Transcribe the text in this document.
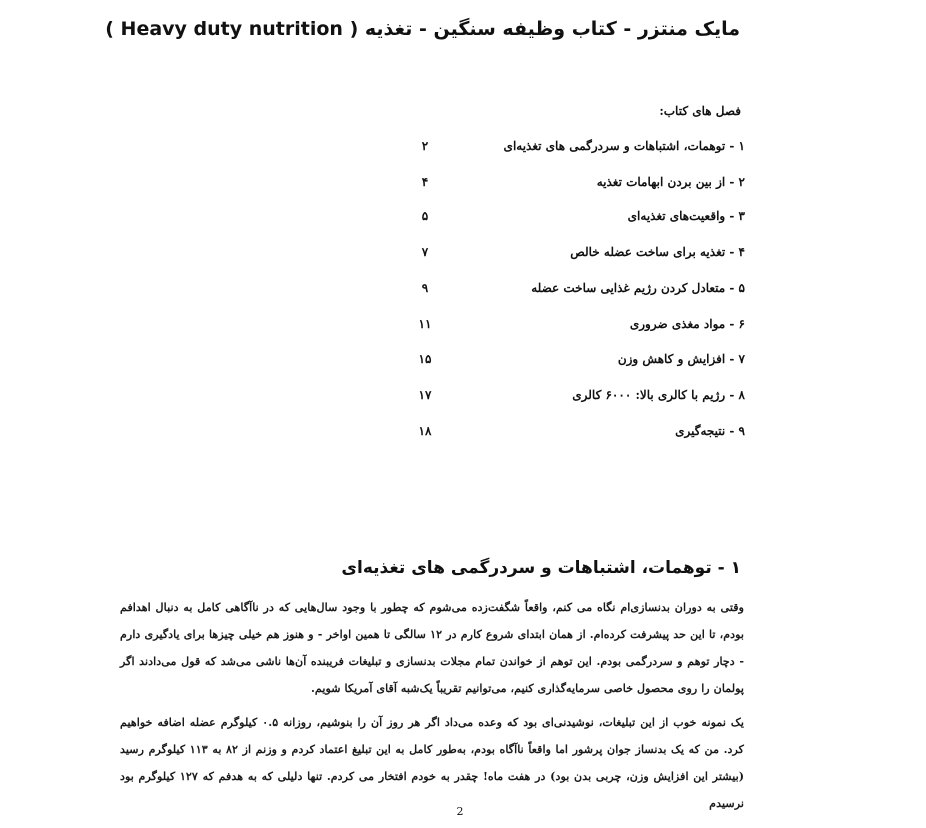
مایک منتزر - کتاب وظیفه سنگین - تغذیه ( Heavy duty nutrition )
فصل های کتاب:
۱ - توهمات، اشتباهات و سردرگمی های تغذیه‌ای
۲
۲ - از بین بردن ابهامات تغذیه
۴
۳ - واقعیت‌های تغذیه‌ای
۵
۴ - تغذیه برای ساخت عضله خالص
۷
۵ - متعادل کردن رژیم غذایی ساخت عضله
۹
۶ - مواد مغذی ضروری
۱۱
۷ - افزایش و کاهش وزن
۱۵
۸ - رژیم با کالری بالا: ۶۰۰۰ کالری
۱۷
۹ - نتیجه‌گیری
۱۸
۱ - توهمات، اشتباهات و سردرگمی های تغذیه‌ای
وقتی به دوران بدنسازی‌ام نگاه می کنم، واقعاً شگفت‌زده می‌شوم که چطور با وجود سال‌هایی که در ناآگاهی کامل به دنبال اهدافم بودم، تا این حد پیشرفت کرده‌ام. از همان ابتدای شروع کارم در ۱۲ سالگی تا همین اواخر - و هنوز هم خیلی چیزها برای یادگیری دارم - دچار توهم و سردرگمی بودم. این توهم از خواندن تمام مجلات بدنسازی و تبلیغات فریبنده آن‌ها ناشی می‌شد که قول می‌دادند اگر پولمان را روی محصول خاصی سرمایه‌گذاری کنیم، می‌توانیم تقریباً یک‌شبه آقای آمریکا شویم.
یک نمونه خوب از این تبلیغات، نوشیدنی‌ای بود که وعده می‌داد اگر هر روز آن را بنوشیم، روزانه ۰.۵ کیلوگرم عضله اضافه خواهیم کرد. من که یک بدنساز جوان پرشور اما واقعاً ناآگاه بودم، به‌طور کامل به این تبلیغ اعتماد کردم و وزنم از ۸۲ به ۱۱۳ کیلوگرم رسید (بیشتر این افزایش وزن، چربی بدن بود) در هفت ماه! چقدر به خودم افتخار می کردم. تنها دلیلی که به هدفم که ۱۲۷ کیلوگرم بود نرسیدم
2
